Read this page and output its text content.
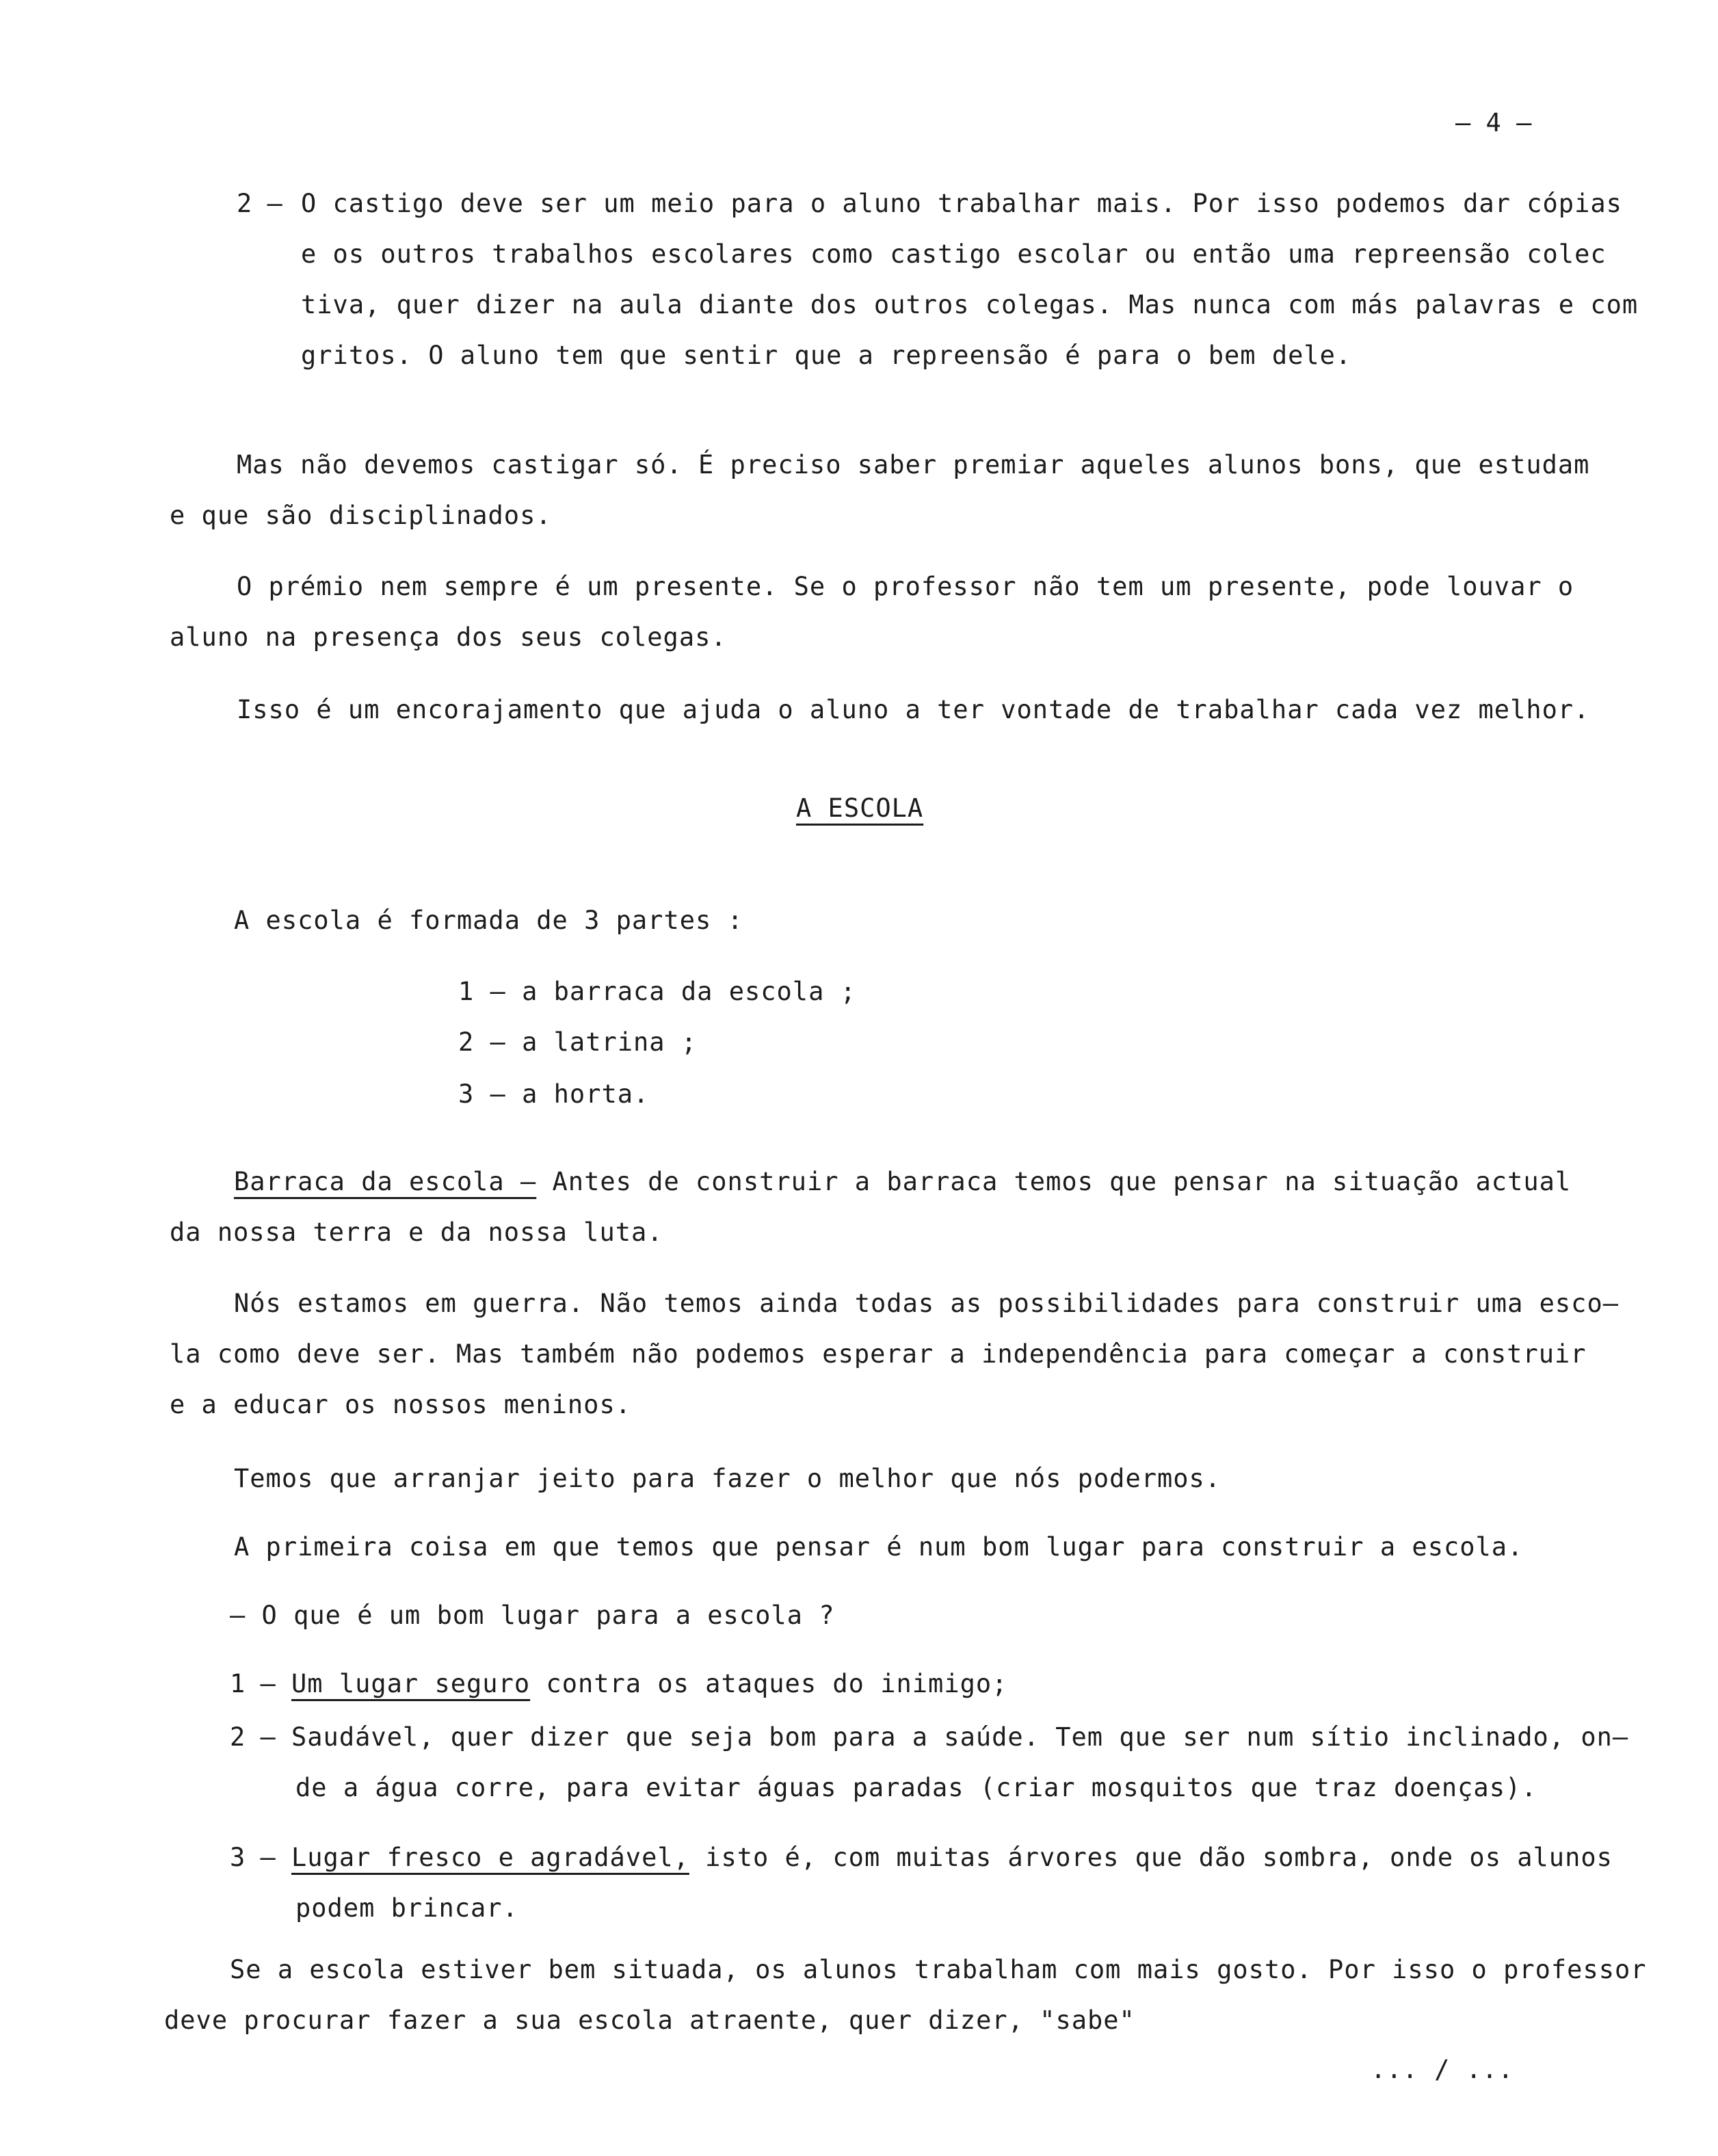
– 4 –
2 – O castigo deve ser um meio para o aluno trabalhar mais. Por isso podemos dar cópias
e os outros trabalhos escolares como castigo escolar ou então uma repreensão colec
tiva, quer dizer na aula diante dos outros colegas. Mas nunca com más palavras e com
gritos. O aluno tem que sentir que a repreensão é para o bem dele.
Mas não devemos castigar só. É preciso saber premiar aqueles alunos bons, que estudam
e que são disciplinados.
O prémio nem sempre é um presente. Se o professor não tem um presente, pode louvar o
aluno na presença dos seus colegas.
Isso é um encorajamento que ajuda o aluno a ter vontade de trabalhar cada vez melhor.
A ESCOLA
A escola é formada de 3 partes :
1 – a barraca da escola ;
2 – a latrina ;
3 – a horta.
Barraca da escola – Antes de construir a barraca temos que pensar na situação actual
da nossa terra e da nossa luta.
Nós estamos em guerra. Não temos ainda todas as possibilidades para construir uma esco–
la como deve ser. Mas também não podemos esperar a independência para começar a construir
e a educar os nossos meninos.
Temos que arranjar jeito para fazer o melhor que nós podermos.
A primeira coisa em que temos que pensar é num bom lugar para construir a escola.
– O que é um bom lugar para a escola ?
1 – Um lugar seguro contra os ataques do inimigo;
2 – Saudável, quer dizer que seja bom para a saúde. Tem que ser num sítio inclinado, on–
de a água corre, para evitar águas paradas (criar mosquitos que traz doenças).
3 – Lugar fresco e agradável, isto é, com muitas árvores que dão sombra, onde os alunos
podem brincar.
Se a escola estiver bem situada, os alunos trabalham com mais gosto. Por isso o professor
deve procurar fazer a sua escola atraente, quer dizer, "sabe"
... / ...
